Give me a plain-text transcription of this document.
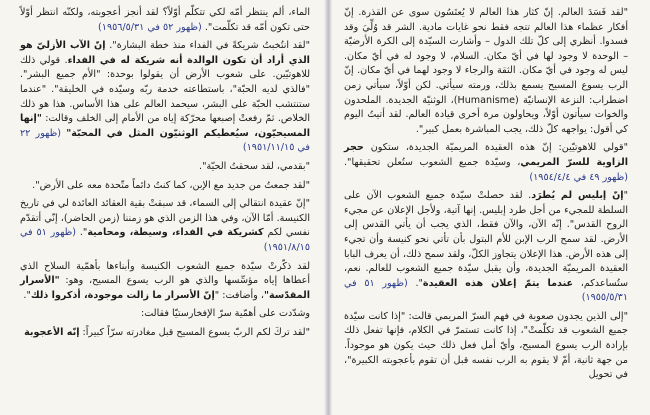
"لقد فَسَدَ العالم. إنّ كثار هذا العالم لا يُعتَسُون سوى عن القذرة. إنّ أفكار عظماء هذا العالم تتجه فقط نحو غايات مادية. الشر قد وُلِّيَ وقد فسدوا. أنظري إلى كلّ تلك الدول – وأشارت السيّدة إلى الكرة الأرضيّة – الوحدة لا وجود لها في أيّ مكان. السلام، لا وجود له في أيّ مكان. ليس له وجود في أيّ مكان. الثقة والرجاء لا وجود لهما في أيّ مكان. إنّ الرب يسوع المسيح يسمع بذلك، ورمته سيأتي. لكن أوّلاً، سيأتي زمن اضطراب: النزعة الإنسانيّة (Humanisme)، الوثنيّة الجديدة. الملحدون والخوات سيأتون أوّلاً، ويحاولون مرة أخرى قيادة العالم. لقد أتيتُ اليوم كي أقول: يواجهه كلّ ذلك، يجب المباشرة بعمل كبير".

"قولي للاهوتيّين: إنّ هذه العقيدة المريميّة الجديدة، ستكون حجر الزاوية للسرّ المريمي، وسيّدة جميع الشعوب ستُعلن تحقيقها". (ظهور ٤٩ في ١٩٥٤/٤/٤)

"إنّ إبليس لم يُطرَد. لقد حصلتْ سيّدة جميع الشعوب الآن على السلطة للمجيء من أجل طرد إبليس. إنها آتية، ولأجل الإعلان عن مجيء الروح القدس". إنّه الآن، والآن فقط، الذي يجب أن يأتي القدس إلى الأرض. لقد سمح الرب الإبن للأم البتول بأن تأتي نحو كنيسة وأن تجيء إلى هذه الأرض. هذا الإعلان يتجاوز الكلّ، ولقد سمح ذلك، أن يعرف البابا العقيدة المريميّة الجديدة، وأن يقبل سيّدة جميع الشعوب للعالم. نعم، ستُساعدكم، عندما يتمّ إعلان هذه العقيدة". (ظهور ٥١ في ١٩٥٥/٥/٣١)

"إلى الذين يجدون صعوبة في فهم السرّ المريمي قالت: "إذا كانت سيّدة جميع الشعوب قد تكلّمتْ"، إذا كانت تستمرّ في الكلام، فإنها تفعل ذلك بإرادة الرب يسوع المسيح، وأيّ أمل فعل ذلك حيث يكون هو موجوداً. من جهة ثانية، أمّ لا يقوم به الرب نفسه قبل أن تقوم بأعجوبته الكبيرة"، في تحويل

الماء، ألم ينتظر أمّه لكي تتكلّم أوّلاً؟ لقد أنجز أعجوبته، ولكنّه انتظر أوّلاً حتى تكون أمّه قد تكلّمت". (ظهور ٥٢ في ١٩٥٦/٥/٣١)

"لقد انتُخبتُ شريكةً في الفداء منذ خطة البشارة". إنّ الآب الأزليّ هو الذي أراد أن تكون الوالدة أنه شريكة له في الفداء. قولي ذلك للاهوتيّين. على شعوب الأرض أن يقولوا بوحدة: "الأم جميع البشر". "فالذي لديه الحبّة"، باستطاعته خدمة ربّه وسيّده في الخليقة". "عندما ستنتشب الحبّة على البشر، سيحمد العالم على هذا الأساس. هذا هو ذلك الخلاص. ثمّ رفعتْ إصبعها محرّكة إياه من الأمام إلى الخلف وقالت: "إنها المسيحيّون، سيُعطيكم الوثنيّون المثل في المحبّة" (ظهور ٢٢ في ١٩٥١/١١/١٥)

"بقدمي، لقد سحقتُ الحيّة".

"لقد جمعتُ من جديد مع الإبن، كما كنتُ دائماً متّحدة معه على الأرض".

"إنّ عقيدة انتقالي إلى السماء، قد سبقتْ بقية العقائد العائدة لي في تاريخ الكنيسة. أمّا الآن، وفي هذا الزمن الذي هو زمننا (زمن الحاضر)، إنّي أتقدّم نفسي لكم كشريكة في الفداء، وسيطة، ومحامية". (ظهور ٥١ في ١٩٥١/٨/١٥)

لقد ذكّرتْ سيّدة جميع الشعوب الكنيسة وأبناءها بأهمّية السلاح الذي أعطاها إياه مؤسِّسها والذي هو الرب يسوع المسيح، وهو: "الأسرار المقدّسة"، وأضافت: "إنّ الأسرار ما زالت موجودة، أذكروا ذلك".

وشدّدت على أهمّية سرّ الإفخارستيّا فقالت:

"لقد تركَ لكم الربّ يسوع المسيح قبل مغادرته سرّاً كبيراً: إنّه الأعجوبة
